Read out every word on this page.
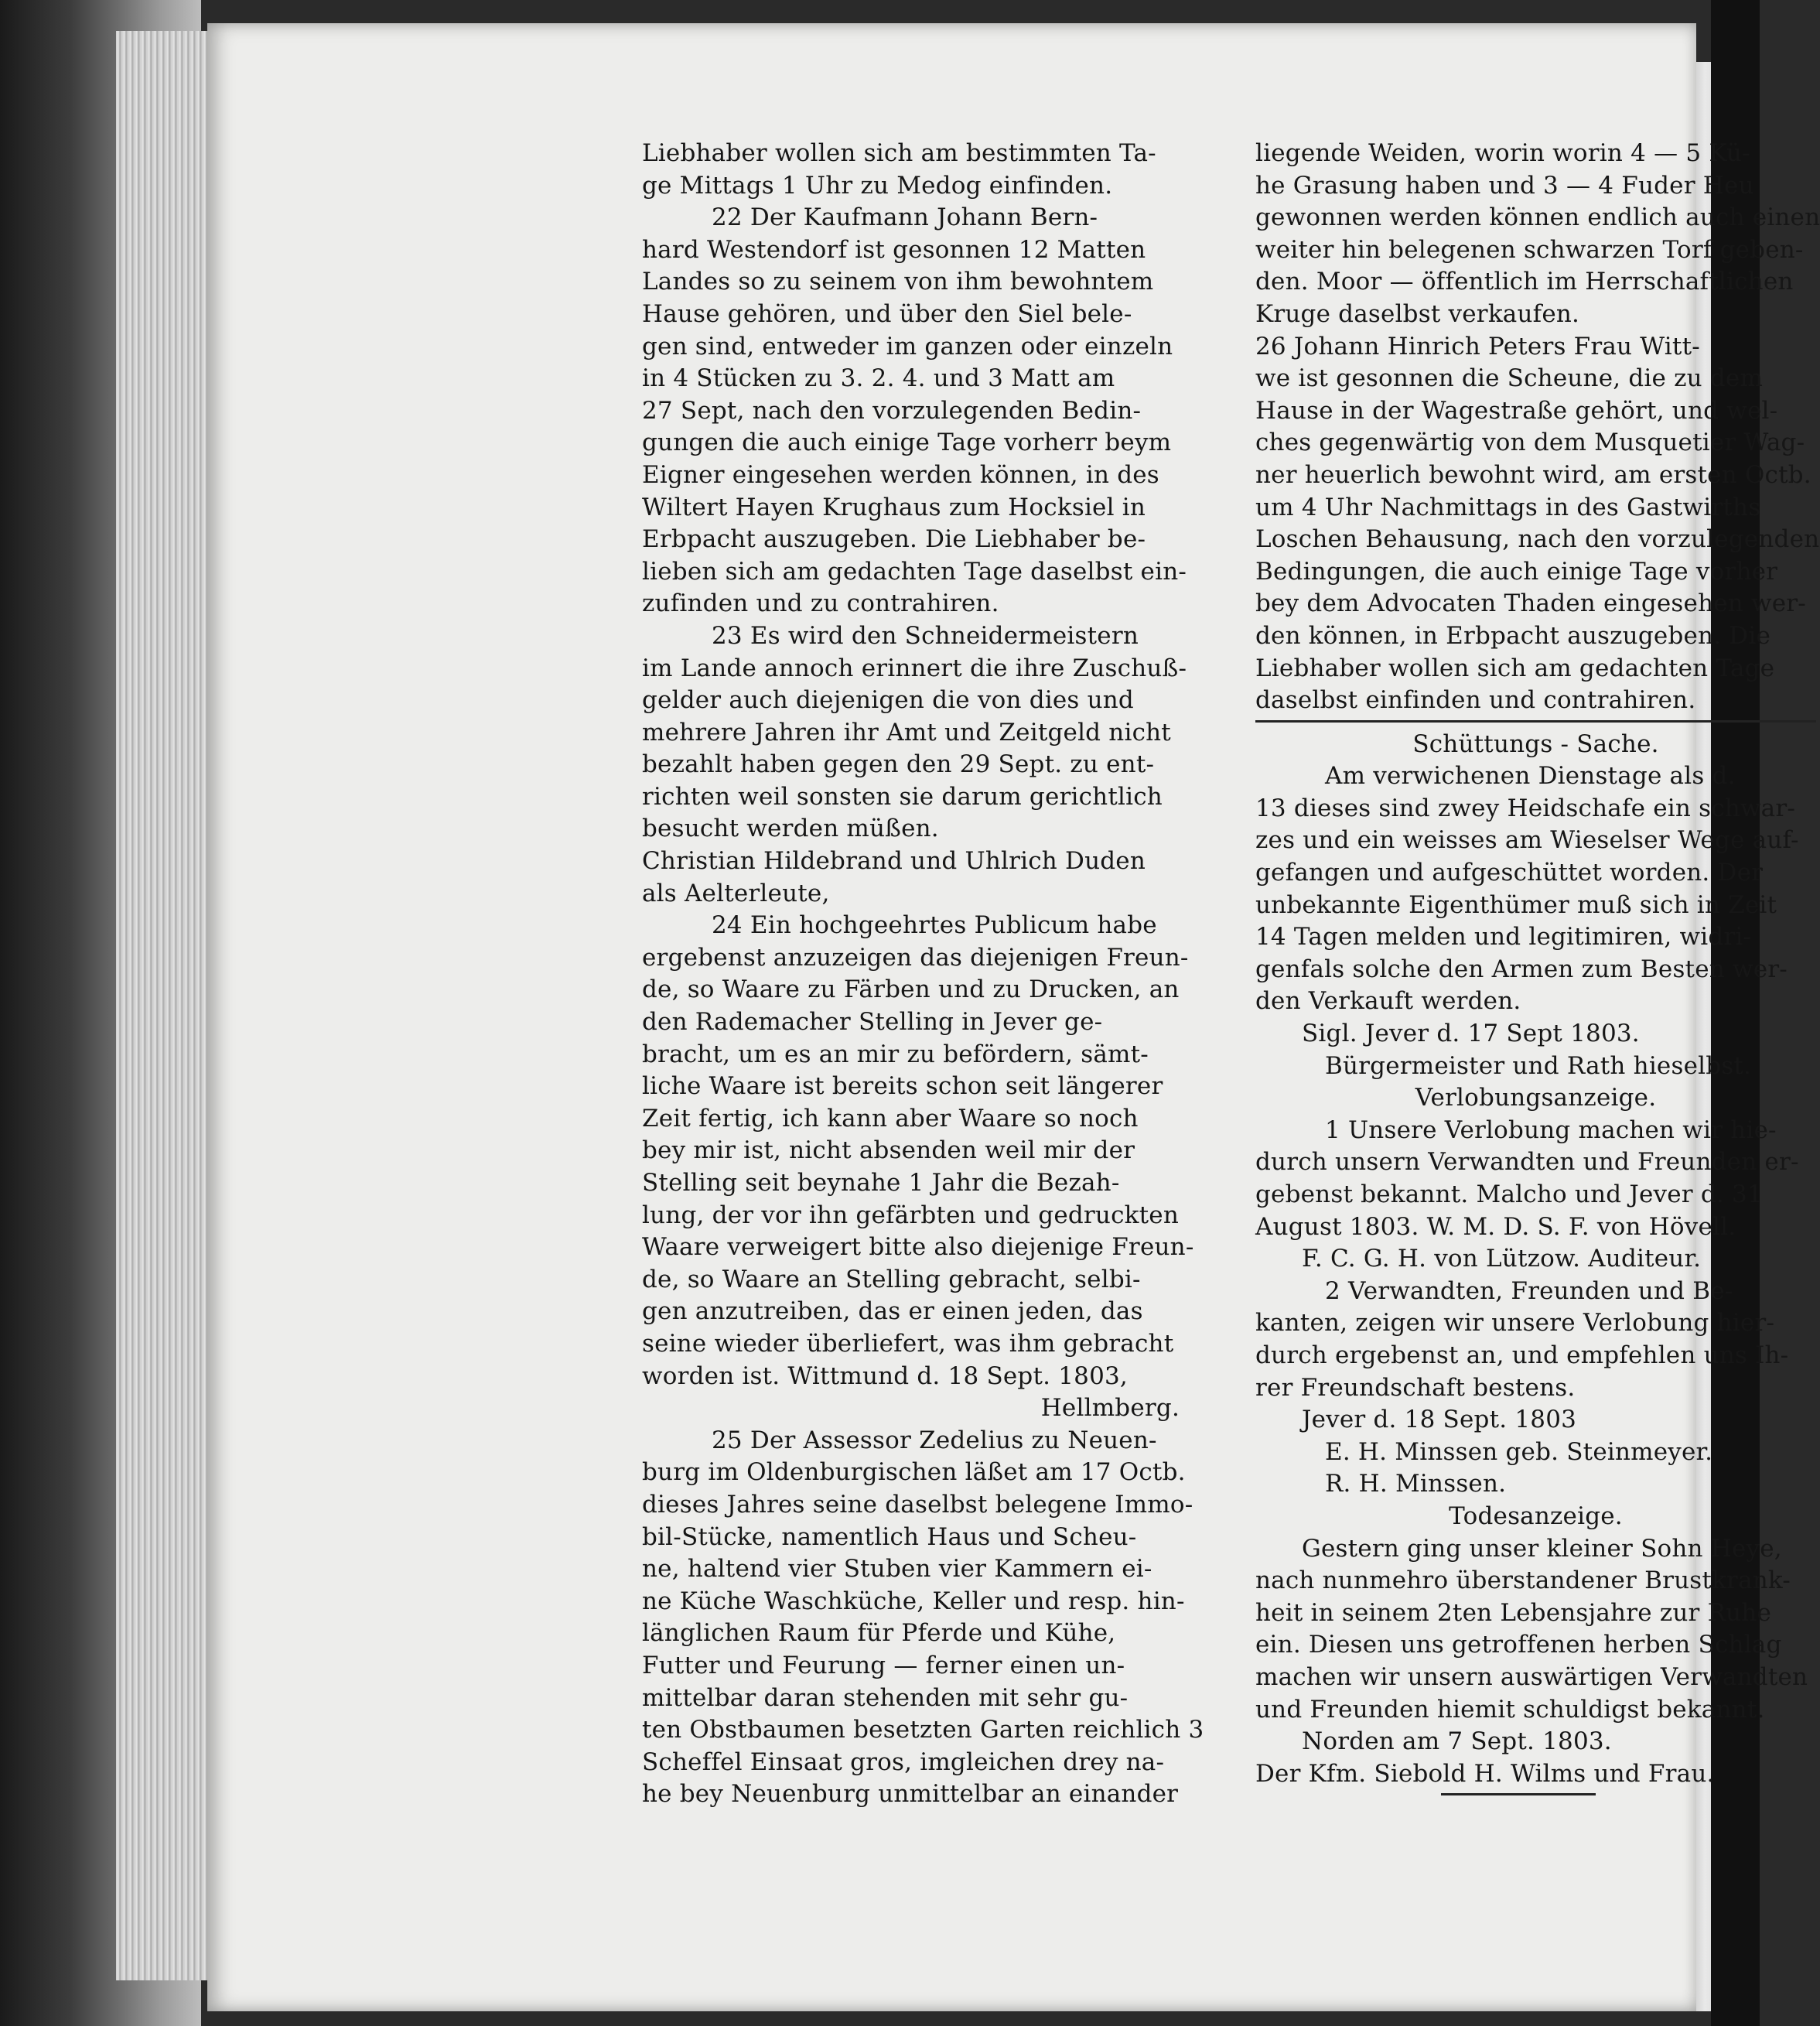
Liebhaber wollen sich am bestimmten Ta-
ge Mittags 1 Uhr zu Medog einfinden.
22 Der Kaufmann Johann Bern-
hard Westendorf ist gesonnen 12 Matten
Landes so zu seinem von ihm bewohntem
Hause gehören, und über den Siel bele-
gen sind, entweder im ganzen oder einzeln
in 4 Stücken zu 3. 2. 4. und 3 Matt am
27 Sept, nach den vorzulegenden Bedin-
gungen die auch einige Tage vorherr beym
Eigner eingesehen werden können, in des
Wiltert Hayen Krughaus zum Hocksiel in
Erbpacht auszugeben. Die Liebhaber be-
lieben sich am gedachten Tage daselbst ein-
zufinden und zu contrahiren.
23 Es wird den Schneidermeistern
im Lande annoch erinnert die ihre Zuschuß-
gelder auch diejenigen die von dies und
mehrere Jahren ihr Amt und Zeitgeld nicht
bezahlt haben gegen den 29 Sept. zu ent-
richten weil sonsten sie darum gerichtlich
besucht werden müßen.
Christian Hildebrand und Uhlrich Duden
als Aelterleute,
24 Ein hochgeehrtes Publicum habe
ergebenst anzuzeigen das diejenigen Freun-
de, so Waare zu Färben und zu Drucken, an
den Rademacher Stelling in Jever ge-
bracht, um es an mir zu befördern, sämt-
liche Waare ist bereits schon seit längerer
Zeit fertig, ich kann aber Waare so noch
bey mir ist, nicht absenden weil mir der
Stelling seit beynahe 1 Jahr die Bezah-
lung, der vor ihn gefärbten und gedruckten
Waare verweigert bitte also diejenige Freun-
de, so Waare an Stelling gebracht, selbi-
gen anzutreiben, das er einen jeden, das
seine wieder überliefert, was ihm gebracht
worden ist. Wittmund d. 18 Sept. 1803,
Hellmberg.
25 Der Assessor Zedelius zu Neuen-
burg im Oldenburgischen läßet am 17 Octb.
dieses Jahres seine daselbst belegene Immo-
bil-Stücke, namentlich Haus und Scheu-
ne, haltend vier Stuben vier Kammern ei-
ne Küche Waschküche, Keller und resp. hin-
länglichen Raum für Pferde und Kühe,
Futter und Feurung — ferner einen un-
mittelbar daran stehenden mit sehr gu-
ten Obstbaumen besetzten Garten reichlich 3
Scheffel Einsaat gros, imgleichen drey na-
he bey Neuenburg unmittelbar an einander
liegende Weiden, worin worin 4 — 5 Kü-
he Grasung haben und 3 — 4 Fuder Heu
gewonnen werden können endlich auch einen
weiter hin belegenen schwarzen Torf geben-
den. Moor — öffentlich im Herrschaftlichen
Kruge daselbst verkaufen.
26 Johann Hinrich Peters Frau Witt-
we ist gesonnen die Scheune, die zu dem
Hause in der Wagestraße gehört, und wel-
ches gegenwärtig von dem Musquetier Wag-
ner heuerlich bewohnt wird, am ersten Octb.
um 4 Uhr Nachmittags in des Gastwirths
Loschen Behausung, nach den vorzulegenden
Bedingungen, die auch einige Tage vorher
bey dem Advocaten Thaden eingesehen wer-
den können, in Erbpacht auszugeben. Die
Liebhaber wollen sich am gedachten Tage
daselbst einfinden und contrahiren.
Schüttungs - Sache.
Am verwichenen Dienstage als d.
13 dieses sind zwey Heidschafe ein schwar-
zes und ein weisses am Wieselser Wege auf-
gefangen und aufgeschüttet worden. Der
unbekannte Eigenthümer muß sich in Zeit
14 Tagen melden und legitimiren, widri-
genfals solche den Armen zum Besten wer-
den Verkauft werden.
Sigl. Jever d. 17 Sept 1803.
Bürgermeister und Rath hieselbst.
Verlobungsanzeige.
1 Unsere Verlobung machen wir hie-
durch unsern Verwandten und Freunden er-
gebenst bekannt. Malcho und Jever d. 31
August 1803. W. M. D. S. F. von Hövell.
F. C. G. H. von Lützow. Auditeur.
2 Verwandten, Freunden und Be-
kanten, zeigen wir unsere Verlobung hier-
durch ergebenst an, und empfehlen uns Ih-
rer Freundschaft bestens.
Jever d. 18 Sept. 1803
E. H. Minssen geb. Steinmeyer.
R. H. Minssen.
Todesanzeige.
Gestern ging unser kleiner Sohn Heye,
nach nunmehro überstandener Brustkrank-
heit in seinem 2ten Lebensjahre zur Ruhe
ein. Diesen uns getroffenen herben Schlag
machen wir unsern auswärtigen Verwandten
und Freunden hiemit schuldigst bekannt.
Norden am 7 Sept. 1803.
Der Kfm. Siebold H. Wilms und Frau.
